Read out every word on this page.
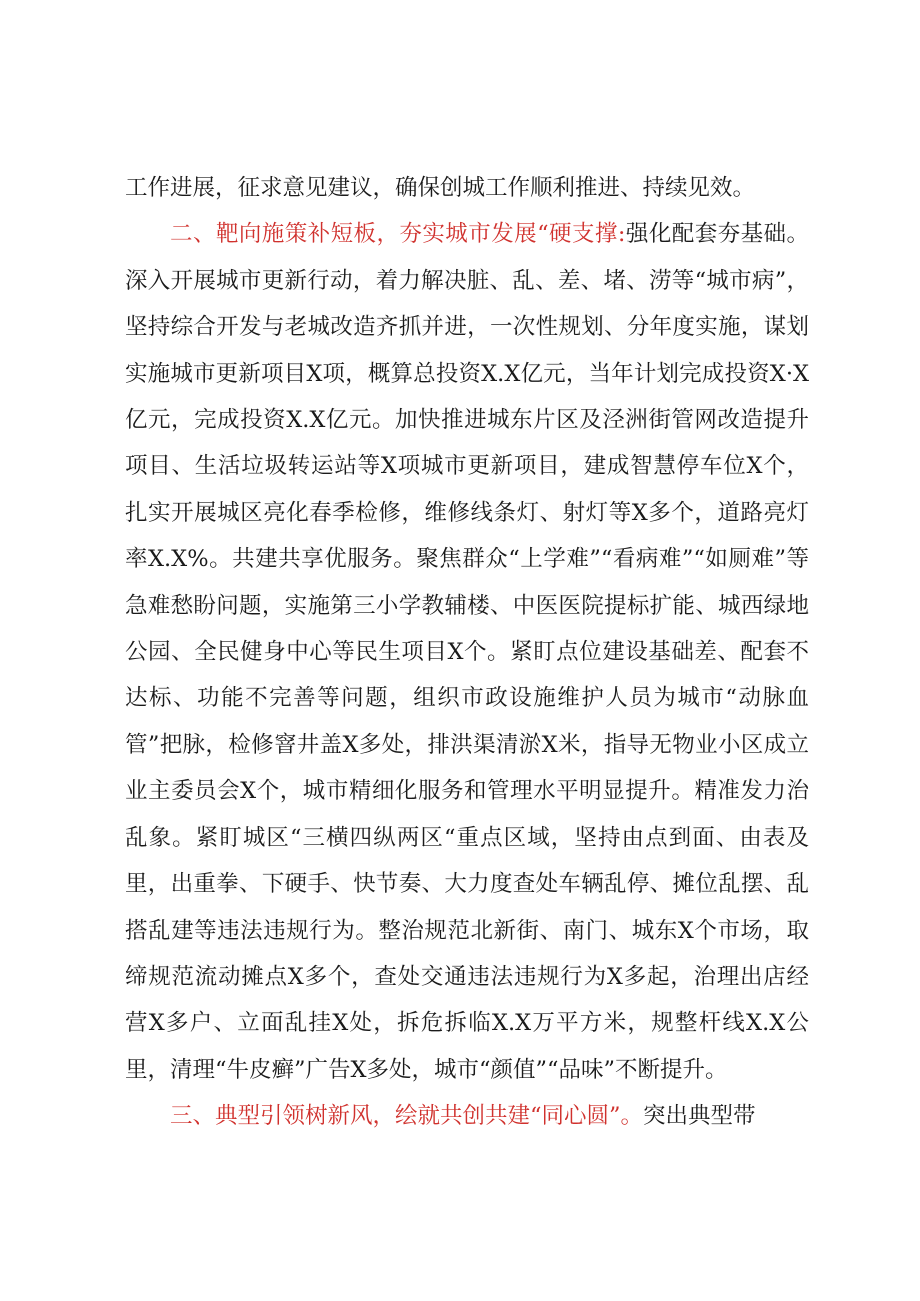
工作进展，征求意见建议，确保创城工作顺利推进、持续见效。

二、靶向施策补短板，夯实城市发展“硬支撑:强化配套夯基础。深入开展城市更新行动，着力解决脏、乱、差、堵、涝等“城市病”，坚持综合开发与老城改造齐抓并进，一次性规划、分年度实施，谋划实施城市更新项目X项，概算总投资X.X亿元，当年计划完成投资X·X亿元，完成投资X.X亿元。加快推进城东片区及泾洲街管网改造提升项目、生活垃圾转运站等X项城市更新项目，建成智慧停车位X个，扎实开展城区亮化春季检修，维修线条灯、射灯等X多个，道路亮灯率X.X%。共建共享优服务。聚焦群众“上学难”“看病难”“如厕难”等急难愁盼问题，实施第三小学教辅楼、中医医院提标扩能、城西绿地公园、全民健身中心等民生项目X个。紧盯点位建设基础差、配套不达标、功能不完善等问题，组织市政设施维护人员为城市“动脉血管”把脉，检修窨井盖X多处，排洪渠清淤X米，指导无物业小区成立业主委员会X个，城市精细化服务和管理水平明显提升。精准发力治乱象。紧盯城区“三横四纵两区“重点区域，坚持由点到面、由表及里，出重拳、下硬手、快节奏、大力度查处车辆乱停、摊位乱摆、乱搭乱建等违法违规行为。整治规范北新街、南门、城东X个市场，取缔规范流动摊点X多个，查处交通违法违规行为X多起，治理出店经营X多户、立面乱挂X处，拆危拆临X.X万平方米，规整杆线X.X公里，清理“牛皮癣”广告X多处，城市“颜值”“品味”不断提升。

三、典型引领树新风，绘就共创共建“同心圆”。突出典型带
